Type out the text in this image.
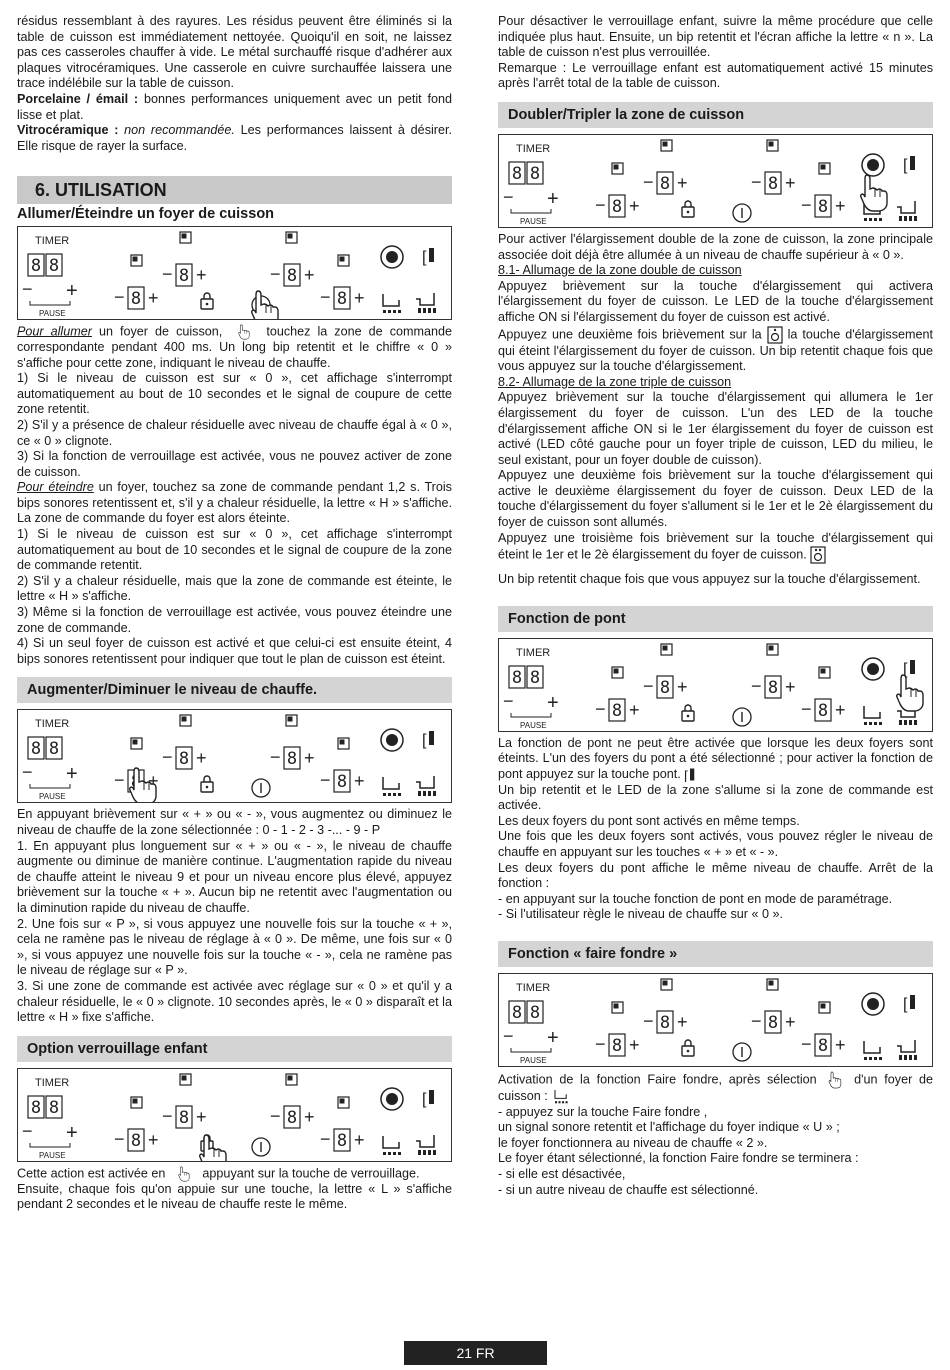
résidus ressemblant à des rayures. Les résidus peuvent être éliminés si la table de cuisson est immédiatement nettoyée. Quoiqu'il en soit, ne laissez pas ces casseroles chauffer à vide. Le métal surchauffé risque d'adhérer aux plaques vitrocéramiques. Une casserole en cuivre surchauffée laissera une trace indélébile sur la table de cuisson.

Porcelaine / émail : bonnes performances uniquement avec un petit fond lisse et plat.

Vitrocéramique : non recommandée. Les performances laissent à désirer. Elle risque de rayer la surface.

6. UTILISATION
Allumer/Éteindre un foyer de cuisson

Pour allumer un foyer de cuisson,	touchez la zone de commande correspondante pendant 400 ms. Un long bip retentit et le chiffre « 0 » s'affiche pour cette zone, indiquant le niveau de chauffe.

1) Si le niveau de cuisson est sur « 0 », cet affichage s'interrompt automatiquement au bout de 10 secondes et le signal de coupure de cette zone retentit.

2) S'il y a présence de chaleur résiduelle avec niveau de chauffe égal à « 0 », ce « 0 » clignote.

3) Si la fonction de verrouillage est activée, vous ne pouvez activer de zone de cuisson.

Pour éteindre un foyer, touchez sa zone de commande pendant 1,2 s. Trois bips sonores retentissent et, s'il y a chaleur résiduelle, la lettre « H » s'affiche. La zone de commande du foyer est alors éteinte.

1) Si le niveau de cuisson est sur « 0 », cet affichage s'interrompt automatiquement au bout de 10 secondes et le signal de coupure de la zone de commande retentit.

2) S'il y a chaleur résiduelle, mais que la zone de commande est éteinte, le lettre « H » s'affiche.

3) Même si la fonction de verrouillage est activée, vous pouvez éteindre une zone de commande.

4) Si un seul foyer de cuisson est activé et que celui-ci est ensuite éteint, 4 bips sonores retentissent pour indiquer que tout le plan de cuisson est éteint.

Augmenter/Diminuer le niveau de chauffe.

En appuyant brièvement sur « + » ou « - », vous augmentez ou diminuez le niveau de chauffe de la zone sélectionnée : 0 - 1 - 2 - 3 -... - 9 - P

1. En appuyant plus longuement sur « + » ou « - », le niveau de chauffe augmente ou diminue de manière continue. L'augmentation rapide du niveau de chauffe atteint le niveau 9 et pour un niveau encore plus élevé, appuyez brièvement sur la touche « + ». Aucun bip ne retentit avec l'augmentation ou la diminution rapide du niveau de chauffe.

2. Une fois sur « P », si vous appuyez une nouvelle fois sur la touche « + », cela ne ramène pas le niveau de réglage à « 0 ». De même, une fois sur « 0 », si vous appuyez une nouvelle fois sur la touche « - », cela ne ramène pas le niveau de réglage sur « P ».

3. Si une zone de commande est activée avec réglage sur « 0 » et qu'il y a chaleur résiduelle, le « 0 » clignote. 10 secondes après, le « 0 » disparaît et la lettre « H » fixe s'affiche.

Option verrouillage enfant

Cette action est activée en	appuyant sur la touche de verrouillage.

Ensuite, chaque fois qu'on appuie sur une touche, la lettre « L » s'affiche pendant 2 secondes et le niveau de chauffe reste le même.

Pour désactiver le verrouillage enfant, suivre la même procédure que celle indiquée plus haut. Ensuite, un bip retentit et l'écran affiche la lettre « n ». La table de cuisson n'est plus verrouillée.

Remarque : Le verrouillage enfant est automatiquement activé 15 minutes après l'arrêt total de la table de cuisson.

Doubler/Tripler la zone de cuisson

Pour activer l'élargissement double de la zone de cuisson, la zone principale associée doit déjà être allumée à un niveau de chauffe supérieur à « 0 ».

8.1- Allumage de la zone double de cuisson

Appuyez brièvement sur la touche d'élargissement qui activera l'élargissement du foyer de cuisson. Le LED de la touche d'élargissement affiche ON si l'élargissement du foyer de cuisson est activé.

Appuyez une deuxième fois brièvement sur la la touche d'élargissement qui éteint l'élargissement du foyer de cuisson. Un bip retentit chaque fois que vous appuyez sur la touche d'élargissement.

8.2- Allumage de la zone triple de cuisson

Appuyez brièvement sur la touche d'élargissement qui allumera le 1er élargissement du foyer de cuisson. L'un des LED de la touche d'élargissement affiche ON si le 1er élargissement du foyer de cuisson est activé (LED côté gauche pour un foyer triple de cuisson, LED du milieu, le seul existant, pour un foyer double de cuisson).

Appuyez une deuxième fois brièvement sur la touche d'élargissement qui active le deuxième élargissement du foyer de cuisson. Deux LED de la touche d'élargissement du foyer s'allument si le 1er et le 2è élargissement du foyer de cuisson sont allumés.

Appuyez une troisième fois brièvement sur la touche d'élargissement qui éteint le 1er et le 2è élargissement du foyer de cuisson.

Un bip retentit chaque fois que vous appuyez sur la touche d'élargissement.

Fonction de pont

La fonction de pont ne peut être activée que lorsque les deux foyers sont éteints. L'un des foyers du pont a été sélectionné ; pour activer la fonction de pont appuyez sur la touche pont.

Un bip retentit et le LED de la zone s'allume si la zone de commande est activée.

Les deux foyers du pont sont activés en même temps.

Une fois que les deux foyers sont activés, vous pouvez régler le niveau de chauffe en appuyant sur les touches « + » et « - ».

Les deux foyers du pont affiche le même niveau de chauffe. Arrêt de la fonction :

- en appuyant sur la touche fonction de pont en mode de paramétrage.

- Si l'utilisateur règle le niveau de chauffe sur « 0 ».

Fonction « faire fondre »

Activation de la fonction Faire fondre, après sélection	d'un foyer de cuisson :

- appuyez sur la touche Faire fondre ,

un signal sonore retentit et l'affichage du foyer indique « U » ;

le foyer fonctionnera au niveau de chauffe « 2 ».

Le foyer étant sélectionné, la fonction Faire fondre se terminera :

- si elle est désactivée,

- si un autre niveau de chauffe est sélectionné.

21 FR
